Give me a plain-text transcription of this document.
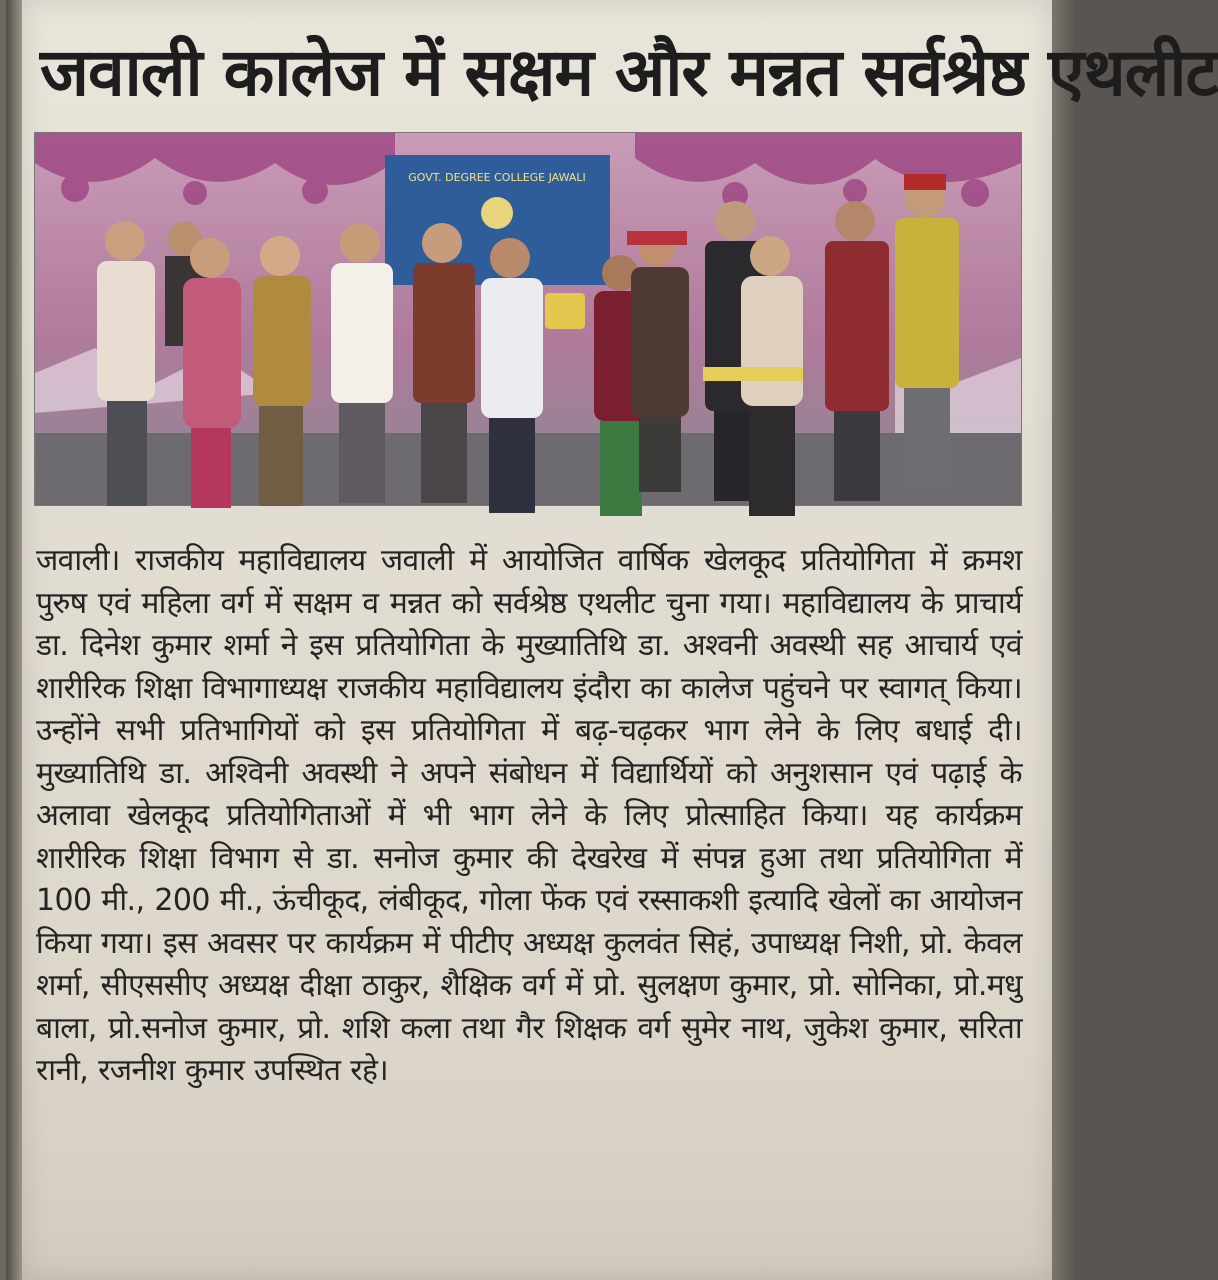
जवाली कालेज में सक्षम और मन्नत सर्वश्रेष्ठ एथलीट
GOVT. DEGREE COLLEGE JAWALI

जवाली। राजकीय महाविद्यालय जवाली में आयोजित वार्षिक खेलकूद प्रतियोगिता में क्रमश पुरुष एवं महिला वर्ग में सक्षम व मन्नत को सर्वश्रेष्ठ एथलीट चुना गया। महाविद्यालय के प्राचार्य डा. दिनेश कुमार शर्मा ने इस प्रतियोगिता के मुख्यातिथि डा. अश्वनी अवस्थी सह आचार्य एवं शारीरिक शिक्षा विभागाध्यक्ष राजकीय महाविद्यालय इंदौरा का कालेज पहुंचने पर स्वागत् किया। उन्होंने सभी प्रतिभागियों को इस प्रतियोगिता में बढ़-चढ़कर भाग लेने के लिए बधाई दी। मुख्यातिथि डा. अश्विनी अवस्थी ने अपने संबोधन में विद्यार्थियों को अनुशसान एवं पढ़ाई के अलावा खेलकूद प्रतियोगिताओं में भी भाग लेने के लिए प्रोत्साहित किया। यह कार्यक्रम शारीरिक शिक्षा विभाग से डा. सनोज कुमार की देखरेख में संपन्न हुआ तथा प्रतियोगिता में 100 मी., 200 मी., ऊंचीकूद, लंबीकूद, गोला फेंक एवं रस्साकशी इत्यादि खेलों का आयोजन किया गया। इस अवसर पर कार्यक्रम में पीटीए अध्यक्ष कुलवंत सिहं, उपाध्यक्ष निशी, प्रो. केवल शर्मा, सीएससीए अध्यक्ष दीक्षा ठाकुर, शैक्षिक वर्ग में प्रो. सुलक्षण कुमार, प्रो. सोनिका, प्रो.मधु बाला, प्रो.सनोज कुमार, प्रो. शशि कला तथा गैर शिक्षक वर्ग सुमेर नाथ, जुकेश कुमार, सरिता रानी, रजनीश कुमार उपस्थित रहे।
